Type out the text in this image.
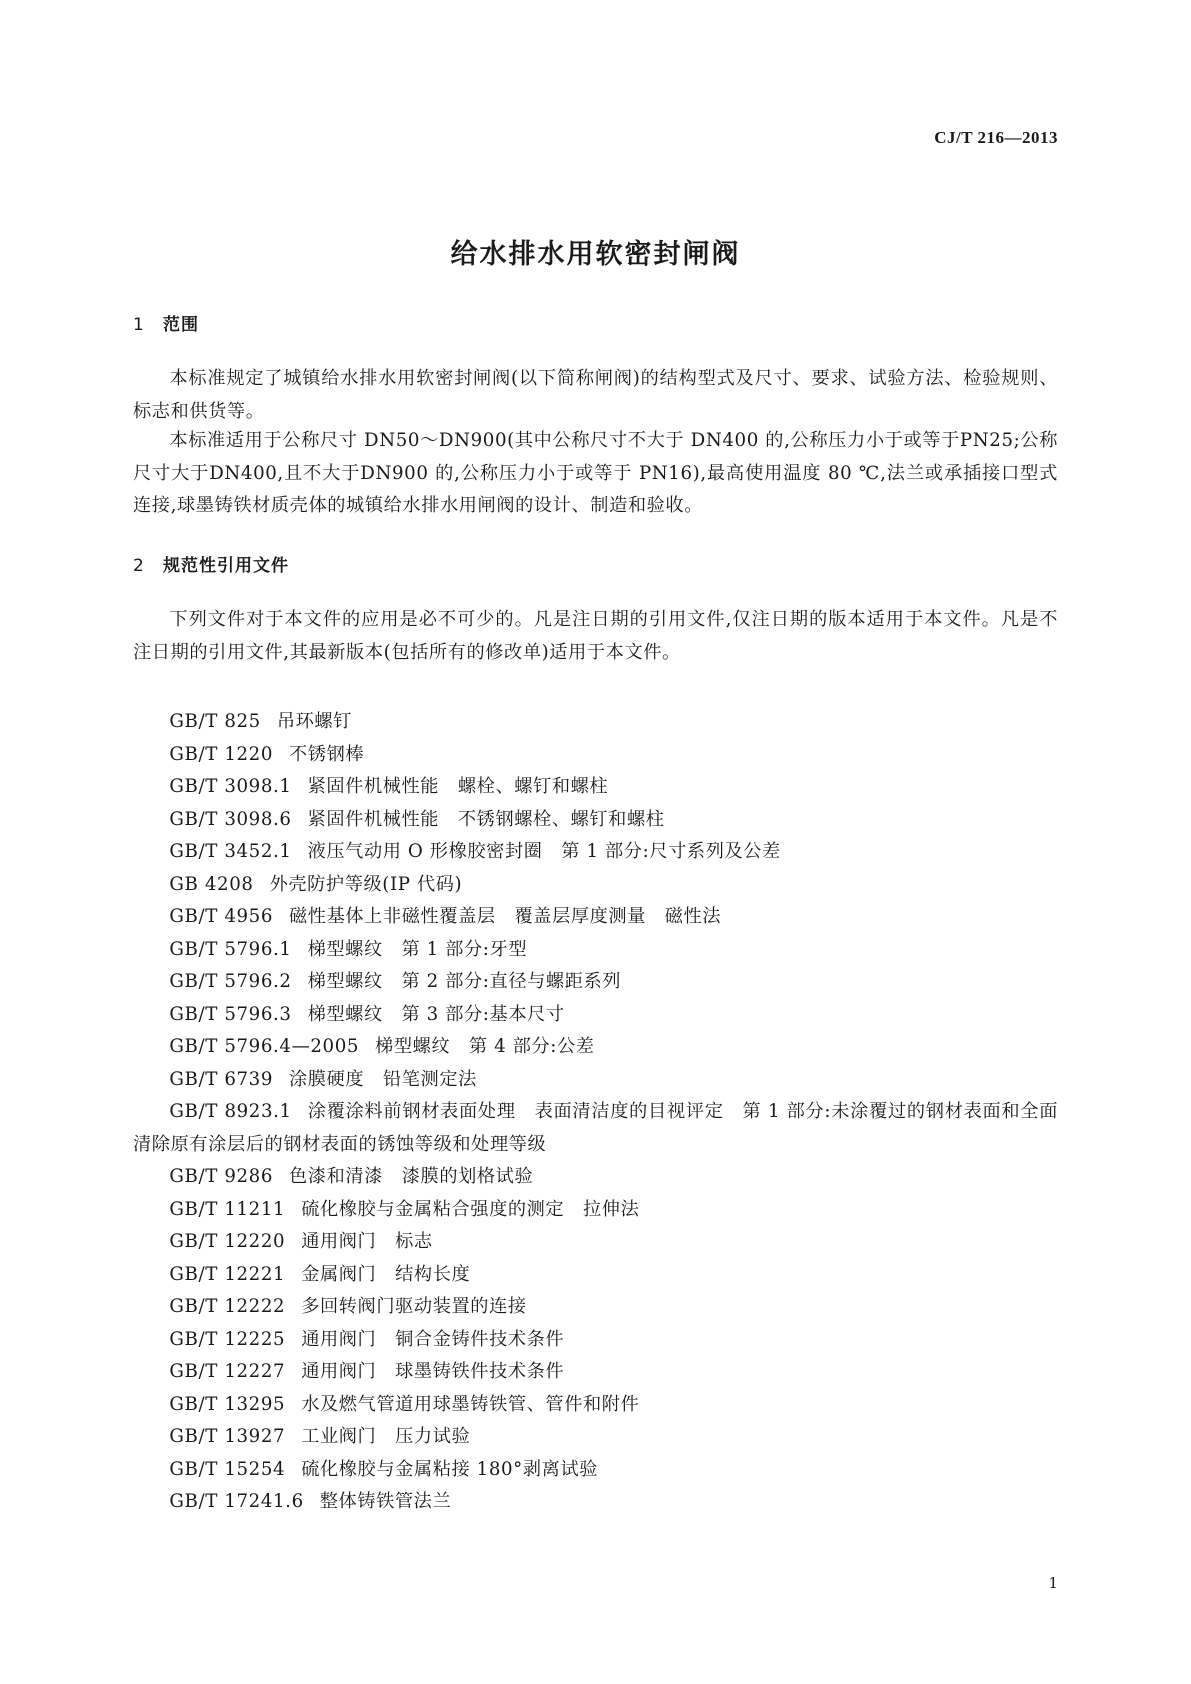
CJ/T 216—2013
给水排水用软密封闸阀
1 范围

本标准规定了城镇给水排水用软密封闸阀(以下简称闸阀)的结构型式及尺寸、要求、试验方法、检验规则、标志和供货等。

本标准适用于公称尺寸 DN50～DN900(其中公称尺寸不大于 DN400 的,公称压力小于或等于PN25;公称尺寸大于DN400,且不大于DN900 的,公称压力小于或等于 PN16),最高使用温度 80 ℃,法兰或承插接口型式连接,球墨铸铁材质壳体的城镇给水排水用闸阀的设计、制造和验收。

2 规范性引用文件

下列文件对于本文件的应用是必不可少的。凡是注日期的引用文件,仅注日期的版本适用于本文件。凡是不注日期的引用文件,其最新版本(包括所有的修改单)适用于本文件。

GB/T 825 吊环螺钉
GB/T 1220 不锈钢棒
GB/T 3098.1 紧固件机械性能　螺栓、螺钉和螺柱
GB/T 3098.6 紧固件机械性能　不锈钢螺栓、螺钉和螺柱
GB/T 3452.1 液压气动用 O 形橡胶密封圈　第 1 部分:尺寸系列及公差
GB 4208 外壳防护等级(IP 代码)
GB/T 4956 磁性基体上非磁性覆盖层　覆盖层厚度测量　磁性法
GB/T 5796.1 梯型螺纹　第 1 部分:牙型
GB/T 5796.2 梯型螺纹　第 2 部分:直径与螺距系列
GB/T 5796.3 梯型螺纹　第 3 部分:基本尺寸
GB/T 5796.4—2005 梯型螺纹　第 4 部分:公差
GB/T 6739 涂膜硬度　铅笔测定法
GB/T 8923.1 涂覆涂料前钢材表面处理　表面清洁度的目视评定　第 1 部分:未涂覆过的钢材表面和全面清除原有涂层后的钢材表面的锈蚀等级和处理等级
GB/T 9286 色漆和清漆　漆膜的划格试验
GB/T 11211 硫化橡胶与金属粘合强度的测定　拉伸法
GB/T 12220 通用阀门　标志
GB/T 12221 金属阀门　结构长度
GB/T 12222 多回转阀门驱动装置的连接
GB/T 12225 通用阀门　铜合金铸件技术条件
GB/T 12227 通用阀门　球墨铸铁件技术条件
GB/T 13295 水及燃气管道用球墨铸铁管、管件和附件
GB/T 13927 工业阀门　压力试验
GB/T 15254 硫化橡胶与金属粘接 180°剥离试验
GB/T 17241.6 整体铸铁管法兰
1
